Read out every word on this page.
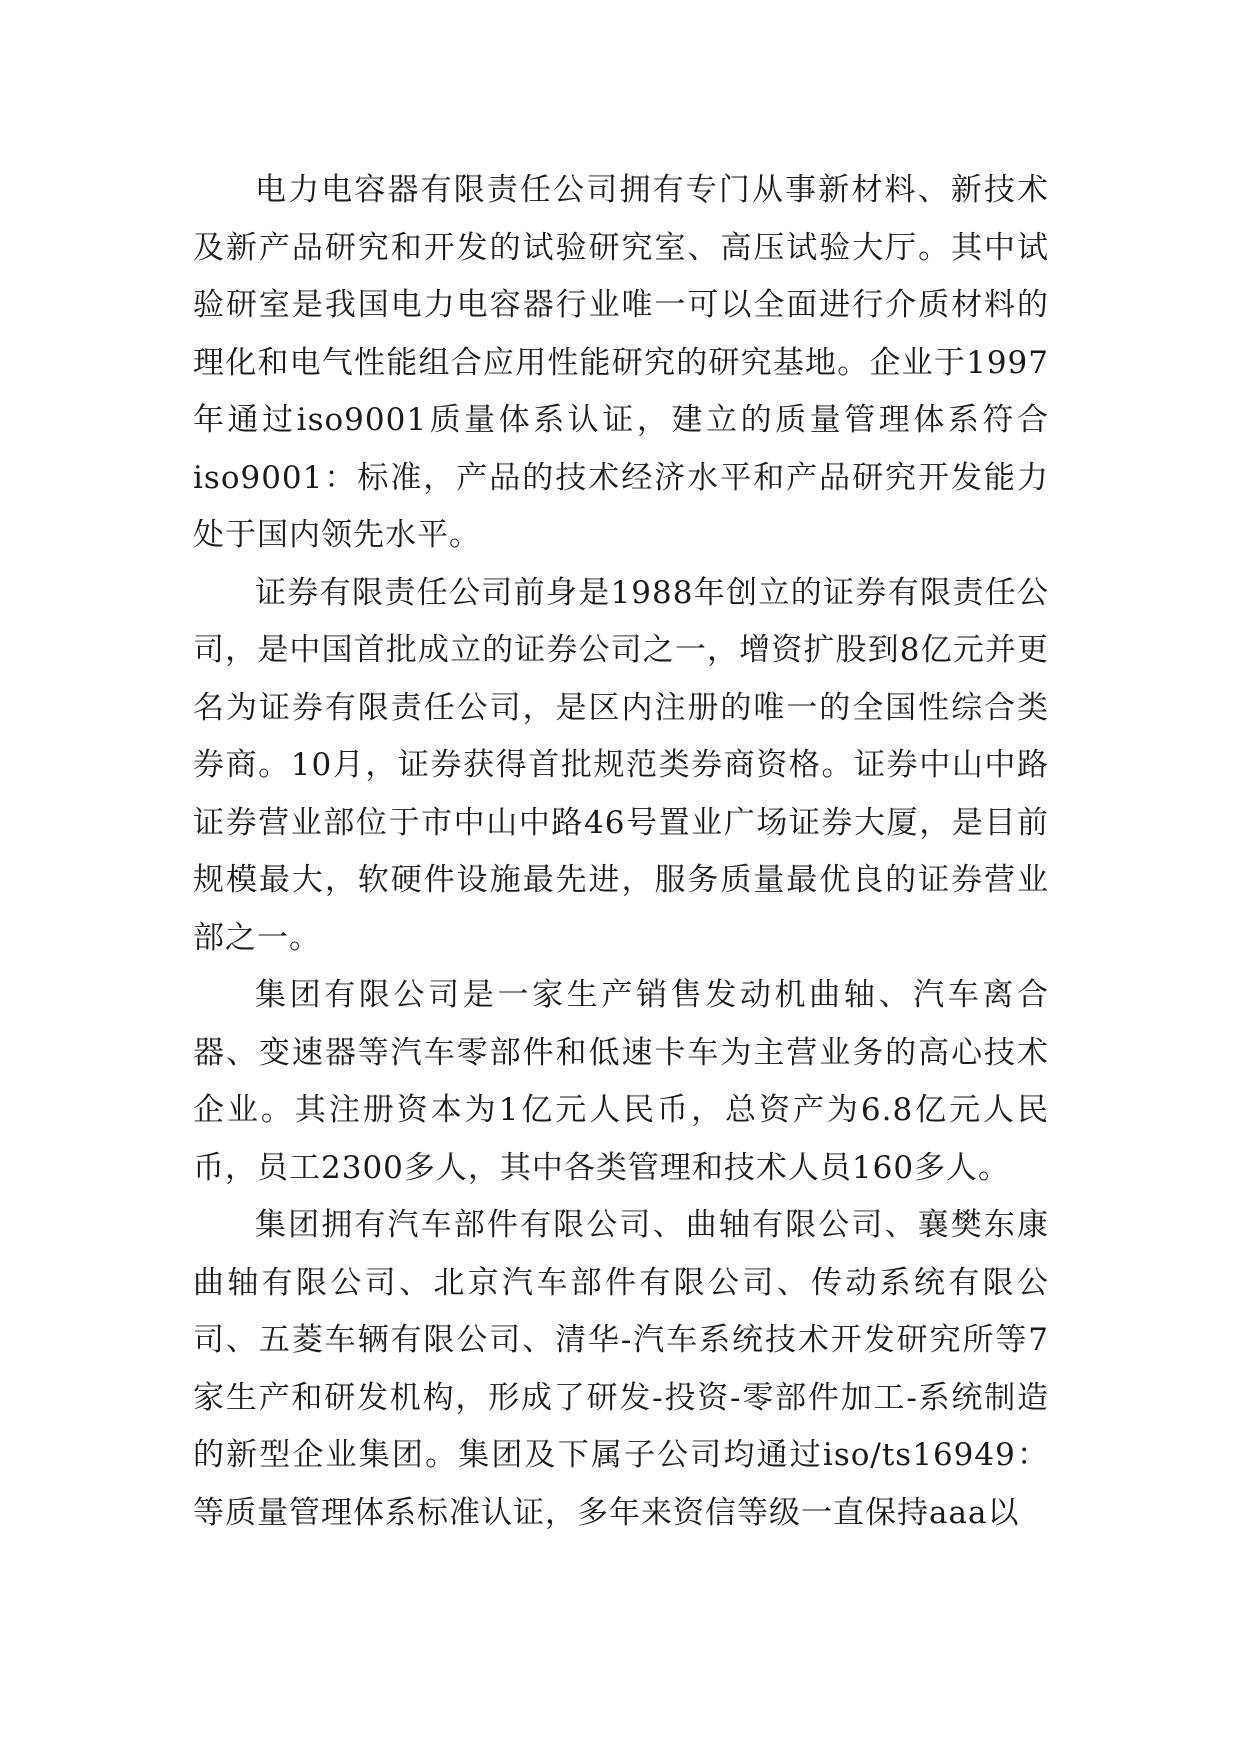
电力电容器有限责任公司拥有专门从事新材料、新技术及新产品研究和开发的试验研究室、高压试验大厅。其中试验研室是我国电力电容器行业唯一可以全面进行介质材料的理化和电气性能组合应用性能研究的研究基地。企业于1997年通过iso9001质量体系认证，建立的质量管理体系符合iso9001：标准，产品的技术经济水平和产品研究开发能力处于国内领先水平。

证券有限责任公司前身是1988年创立的证券有限责任公司，是中国首批成立的证券公司之一，增资扩股到8亿元并更名为证券有限责任公司，是区内注册的唯一的全国性综合类券商。10月，证券获得首批规范类券商资格。证券中山中路证券营业部位于市中山中路46号置业广场证券大厦，是目前规模最大，软硬件设施最先进，服务质量最优良的证券营业部之一。

集团有限公司是一家生产销售发动机曲轴、汽车离合器、变速器等汽车零部件和低速卡车为主营业务的高心技术企业。其注册资本为1亿元人民币，总资产为6.8亿元人民币，员工2300多人，其中各类管理和技术人员160多人。

集团拥有汽车部件有限公司、曲轴有限公司、襄樊东康曲轴有限公司、北京汽车部件有限公司、传动系统有限公司、五菱车辆有限公司、清华-汽车系统技术开发研究所等7家生产和研发机构，形成了研发-投资-零部件加工-系统制造的新型企业集团。集团及下属子公司均通过iso/ts16949：等质量管理体系标准认证，多年来资信等级一直保持aaa以
